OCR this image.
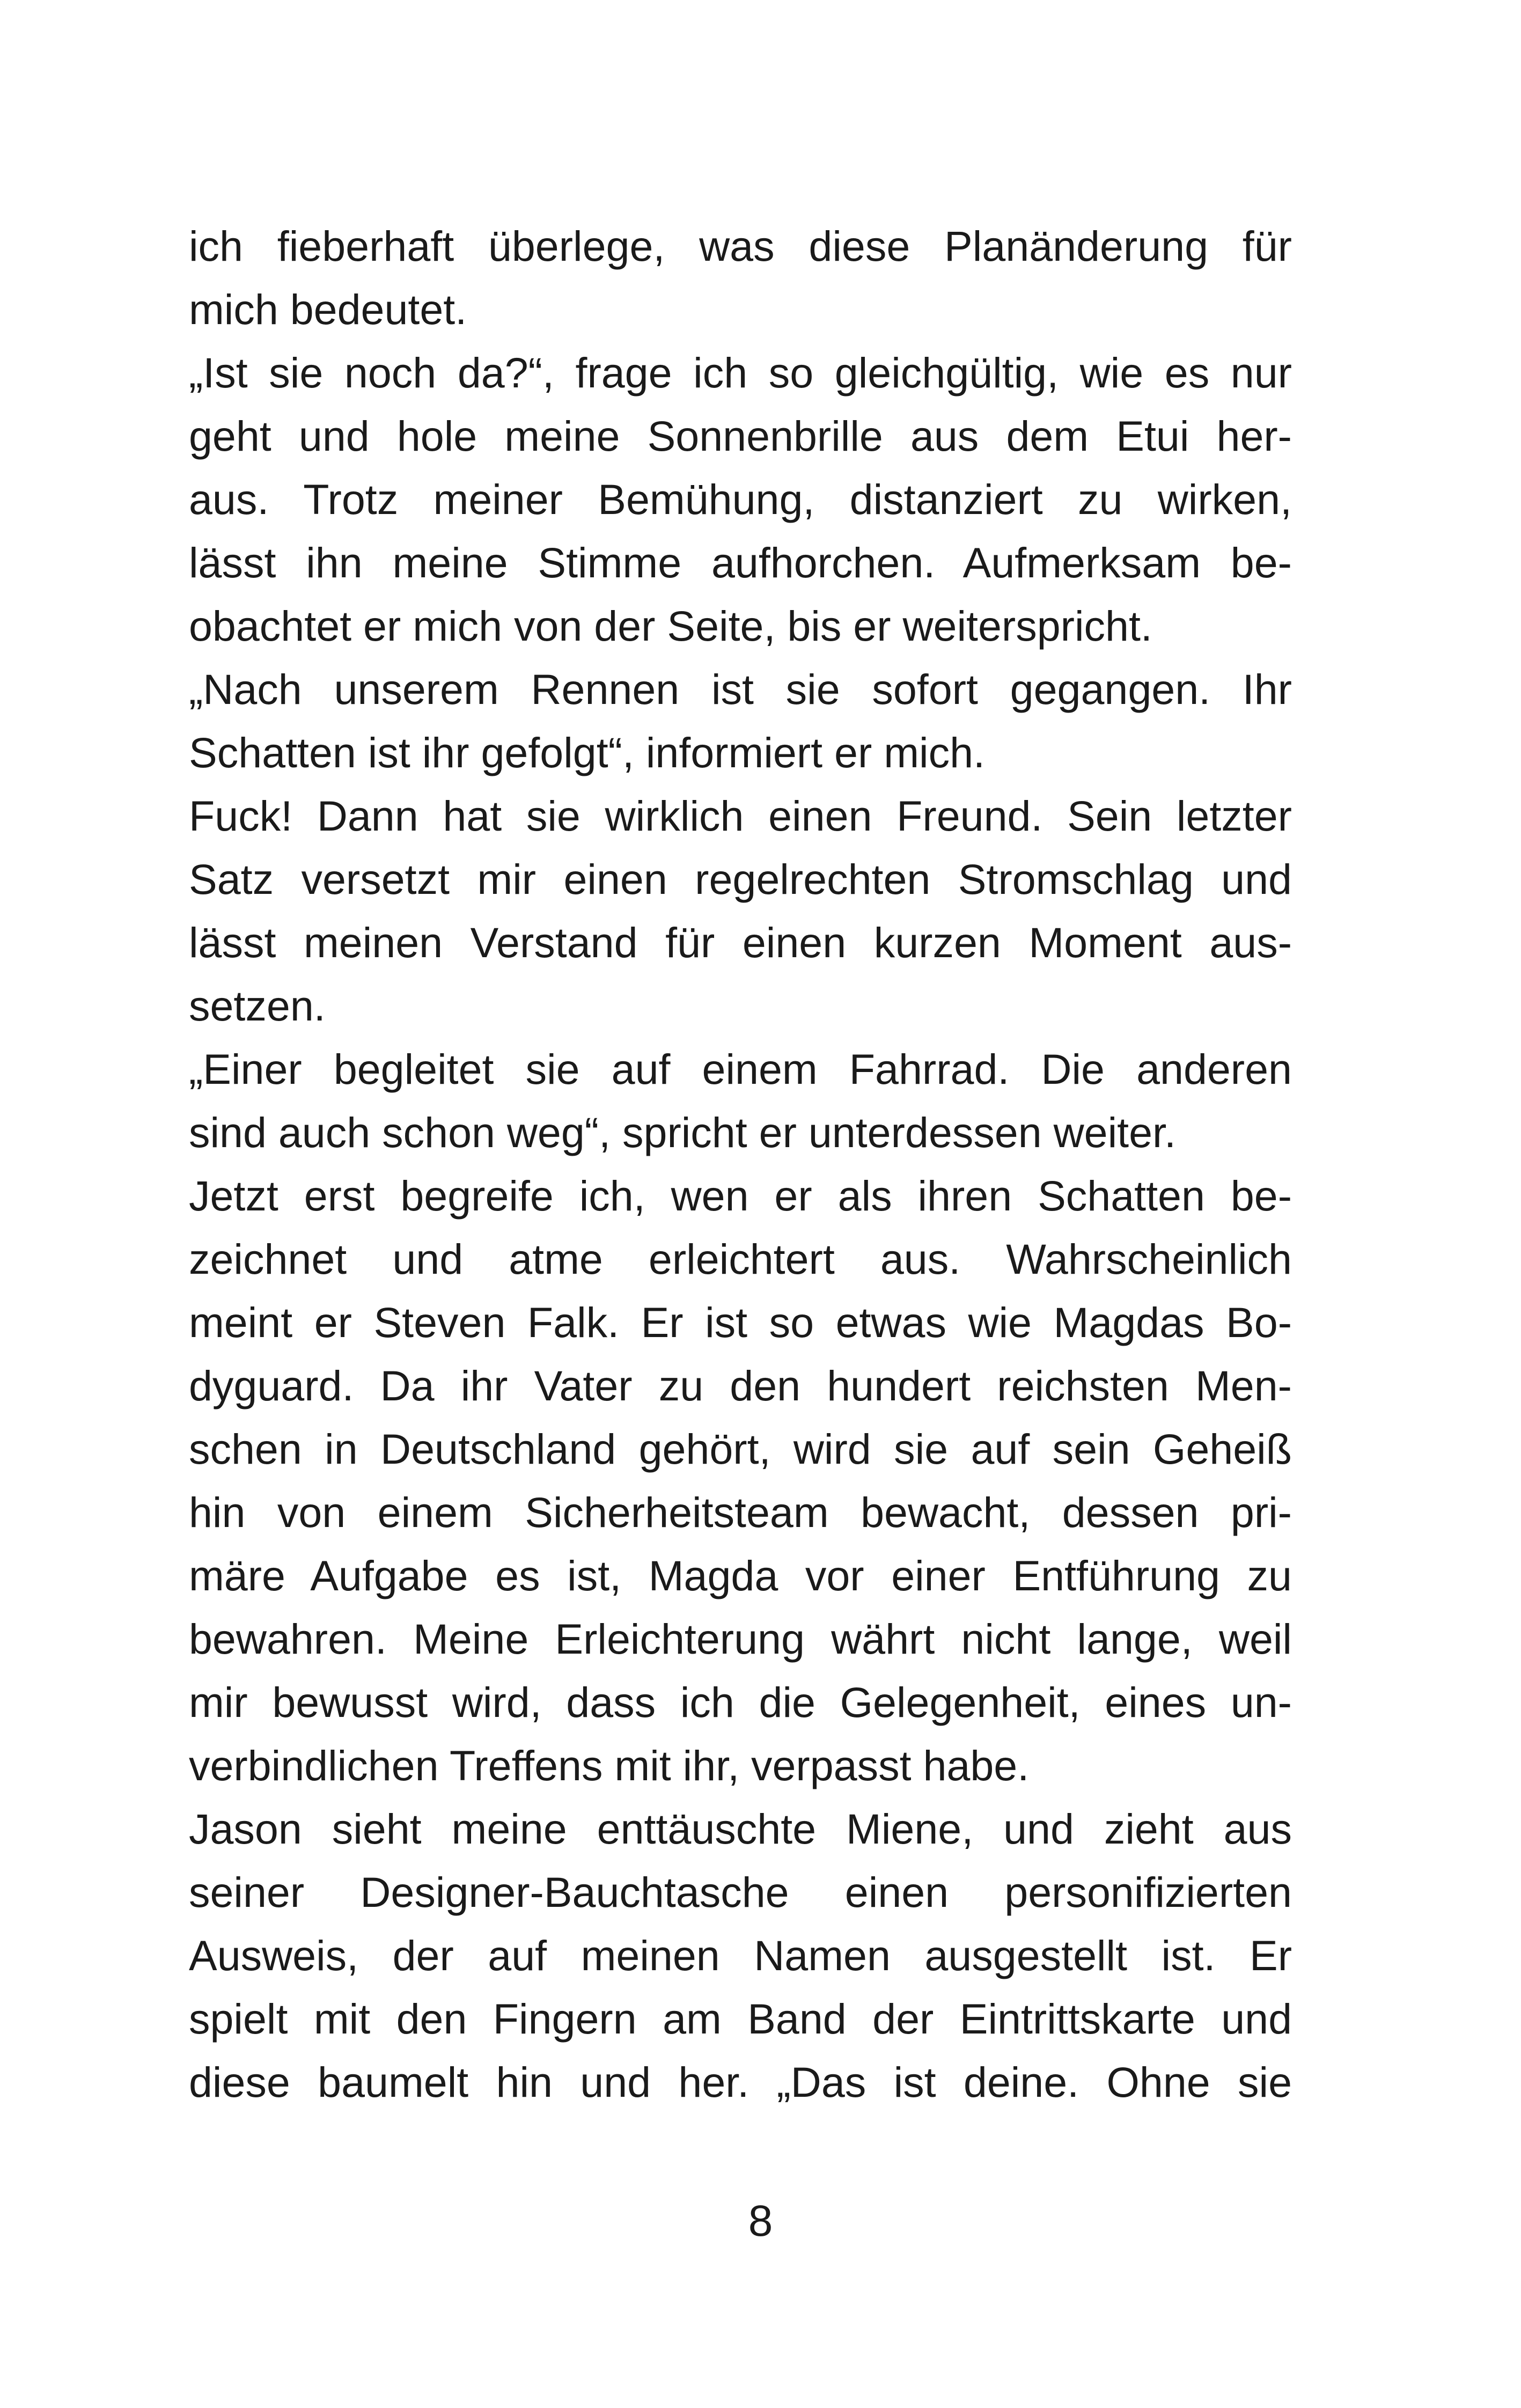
ich fieberhaft überlege, was diese Planänderung für
mich bedeutet.
„Ist sie noch da?“, frage ich so gleichgültig, wie es nur
geht und hole meine Sonnenbrille aus dem Etui her-
aus. Trotz meiner Bemühung, distanziert zu wirken,
lässt ihn meine Stimme aufhorchen. Aufmerksam be-
obachtet er mich von der Seite, bis er weiterspricht.
„Nach unserem Rennen ist sie sofort gegangen. Ihr
Schatten ist ihr gefolgt“, informiert er mich.
Fuck! Dann hat sie wirklich einen Freund. Sein letzter
Satz versetzt mir einen regelrechten Stromschlag und
lässt meinen Verstand für einen kurzen Moment aus-
setzen.
„Einer begleitet sie auf einem Fahrrad. Die anderen
sind auch schon weg“, spricht er unterdessen weiter.
Jetzt erst begreife ich, wen er als ihren Schatten be-
zeichnet und atme erleichtert aus. Wahrscheinlich
meint er Steven Falk. Er ist so etwas wie Magdas Bo-
dyguard. Da ihr Vater zu den hundert reichsten Men-
schen in Deutschland gehört, wird sie auf sein Geheiß
hin von einem Sicherheitsteam bewacht, dessen pri-
märe Aufgabe es ist, Magda vor einer Entführung zu
bewahren. Meine Erleichterung währt nicht lange, weil
mir bewusst wird, dass ich die Gelegenheit, eines un-
verbindlichen Treffens mit ihr, verpasst habe.
Jason sieht meine enttäuschte Miene, und zieht aus
seiner Designer-Bauchtasche einen personifizierten
Ausweis, der auf meinen Namen ausgestellt ist. Er
spielt mit den Fingern am Band der Eintrittskarte und
diese baumelt hin und her. „Das ist deine. Ohne sie
8
